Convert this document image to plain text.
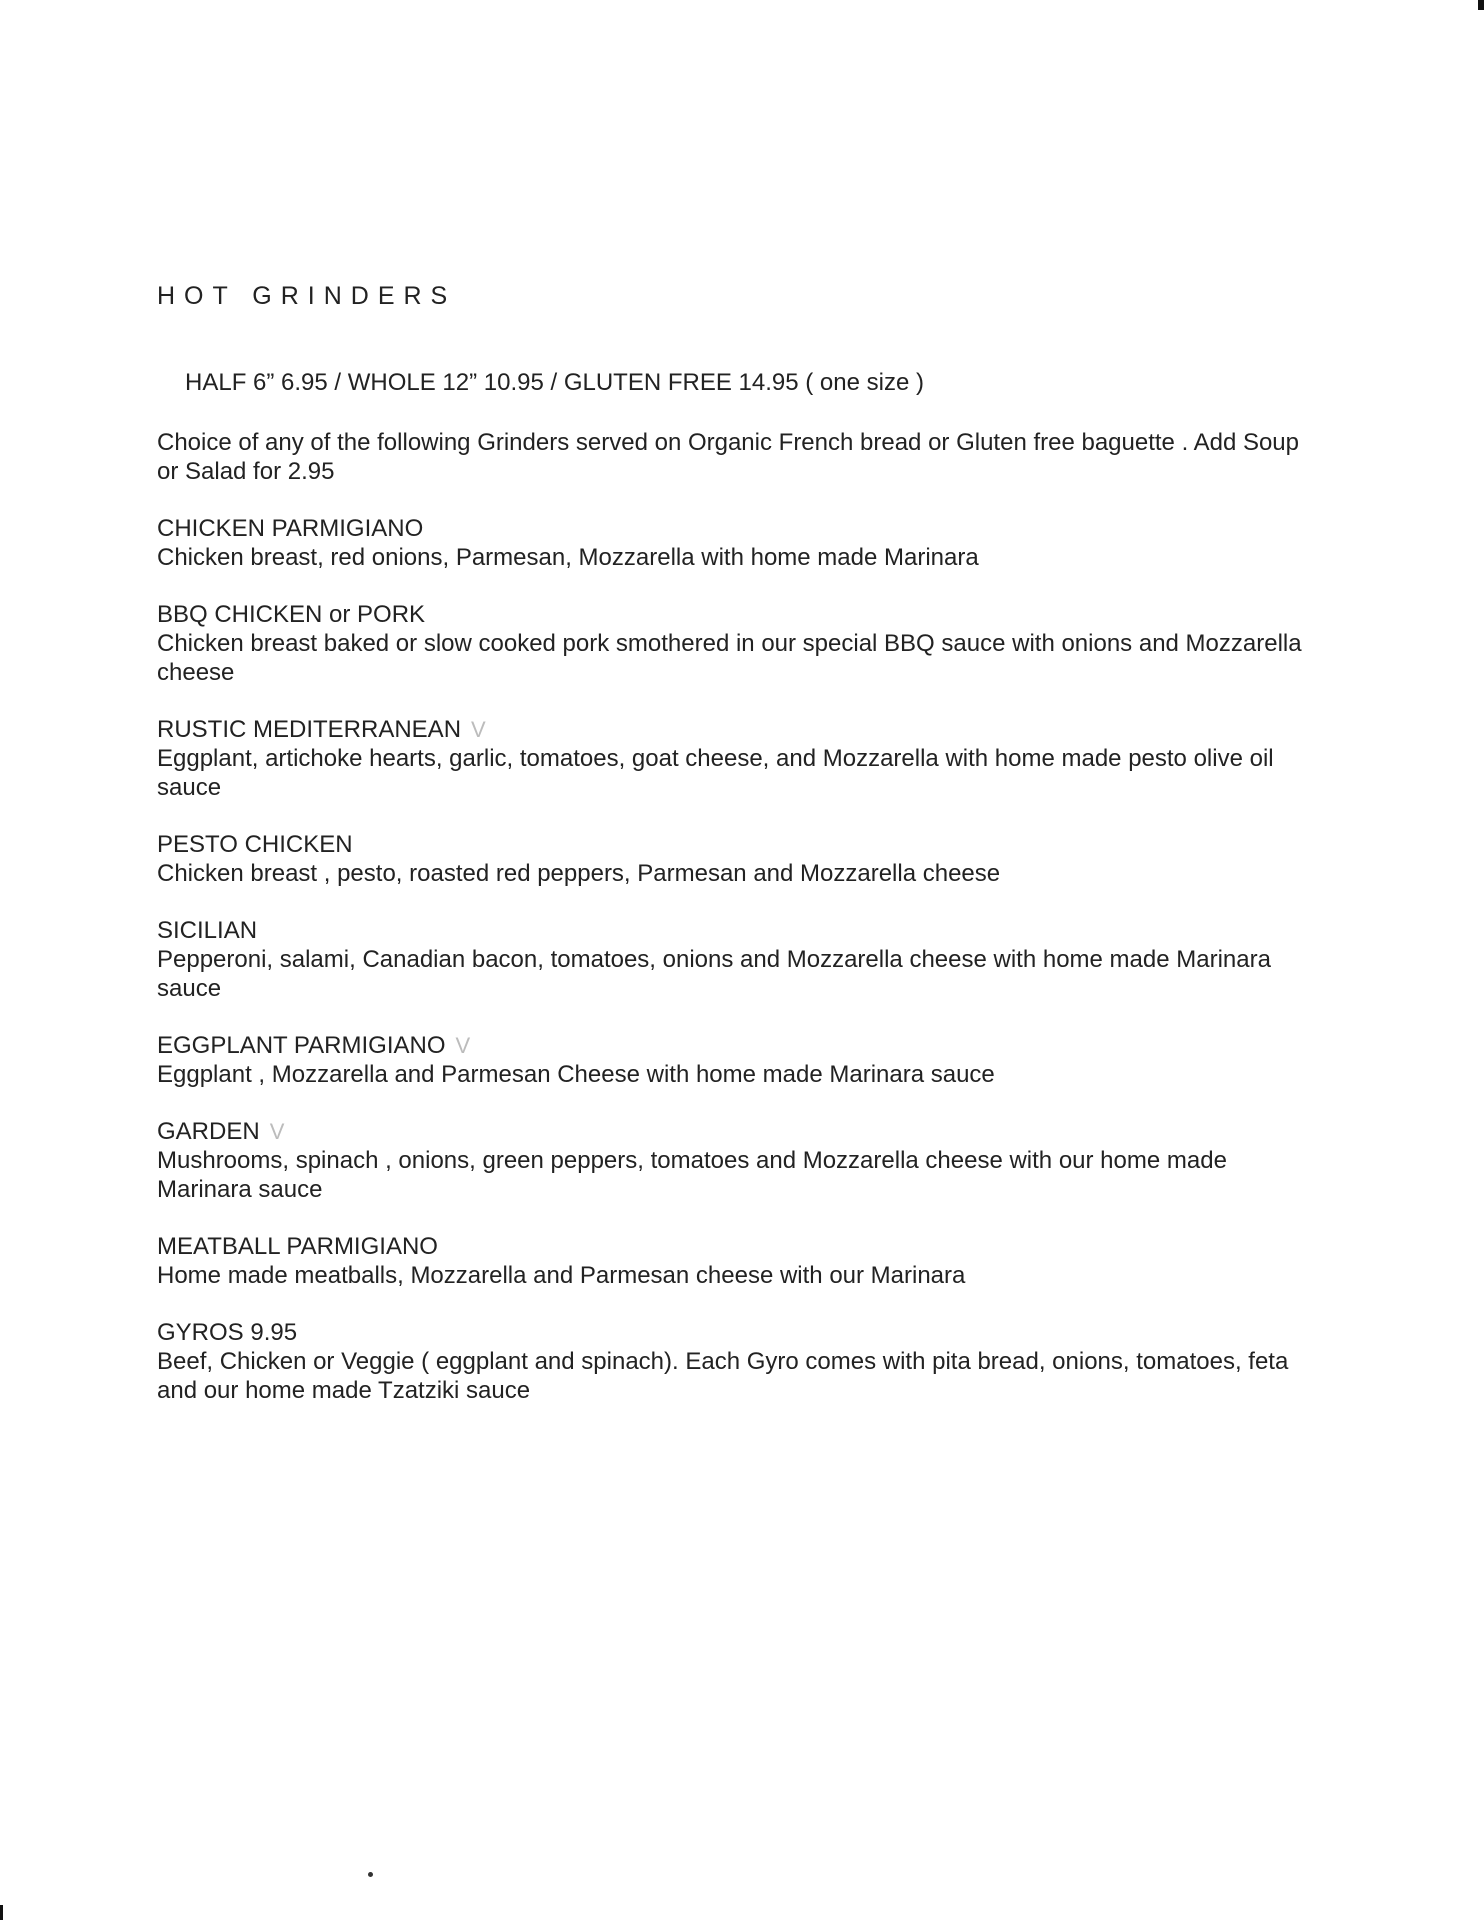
HOT GRINDERS
HALF 6” 6.95 / WHOLE 12” 10.95 / GLUTEN FREE 14.95 ( one size )
Choice of any of the following Grinders served on Organic French bread or Gluten free baguette . Add Soup or Salad for 2.95
CHICKEN PARMIGIANO
Chicken breast, red onions, Parmesan, Mozzarella with home made Marinara
BBQ CHICKEN or PORK
Chicken breast baked or slow cooked pork smothered in our special BBQ sauce with onions and Mozzarella cheese
RUSTIC MEDITERRANEAN V
Eggplant, artichoke hearts, garlic, tomatoes, goat cheese, and Mozzarella with home made pesto olive oil sauce
PESTO CHICKEN
Chicken breast , pesto, roasted red peppers, Parmesan and Mozzarella cheese
SICILIAN
Pepperoni, salami, Canadian bacon, tomatoes, onions and Mozzarella cheese with home made Marinara sauce
EGGPLANT PARMIGIANO V
Eggplant , Mozzarella and Parmesan Cheese with home made Marinara sauce
GARDEN V
Mushrooms, spinach , onions, green peppers, tomatoes and Mozzarella cheese with our home made Marinara sauce
MEATBALL PARMIGIANO
Home made meatballs, Mozzarella and Parmesan cheese with our Marinara
GYROS 9.95
Beef, Chicken or Veggie ( eggplant and spinach). Each Gyro comes with pita bread, onions, tomatoes, feta and our home made Tzatziki sauce
